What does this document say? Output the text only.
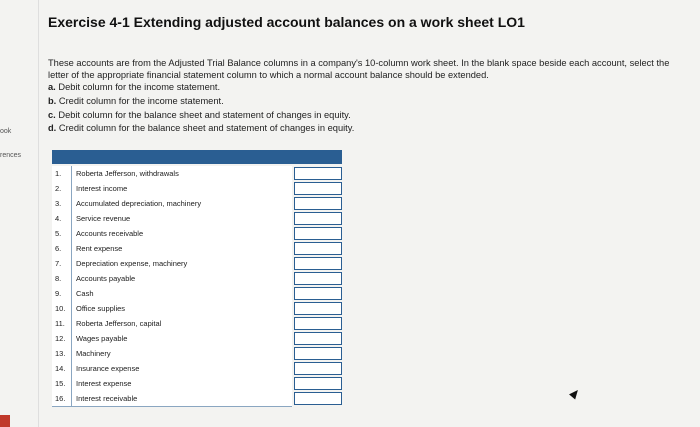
ook
rences
Exercise 4-1 Extending adjusted account balances on a work sheet LO1
These accounts are from the Adjusted Trial Balance columns in a company's 10-column work sheet. In the blank space beside each account, select the letter of the appropriate financial statement column to which a normal account balance should be extended.
a. Debit column for the income statement.
b. Credit column for the income statement.
c. Debit column for the balance sheet and statement of changes in equity.
d. Credit column for the balance sheet and statement of changes in equity.
1.	Roberta Jefferson, withdrawals
2.	Interest income
3.	Accumulated depreciation, machinery
4.	Service revenue
5.	Accounts receivable
6.	Rent expense
7.	Depreciation expense, machinery
8.	Accounts payable
9.	Cash
10.	Office supplies
11.	Roberta Jefferson, capital
12.	Wages payable
13.	Machinery
14.	Insurance expense
15.	Interest expense
16.	Interest receivable
